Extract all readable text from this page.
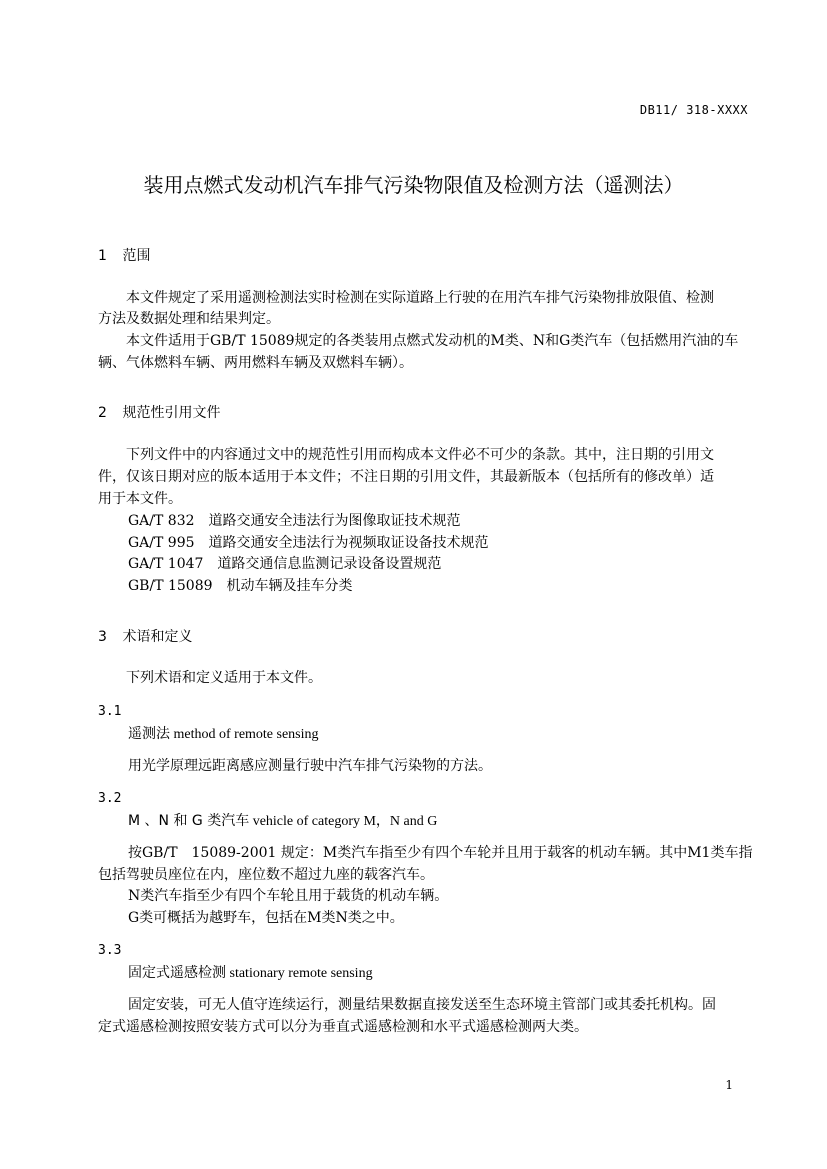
DB11/ 318-XXXX
装用点燃式发动机汽车排气污染物限值及检测方法（遥测法）
1 范围
本文件规定了采用遥测检测法实时检测在实际道路上行驶的在用汽车排气污染物排放限值、检测
方法及数据处理和结果判定。
本文件适用于GB/T 15089规定的各类装用点燃式发动机的M类、N和G类汽车（包括燃用汽油的车
辆、气体燃料车辆、两用燃料车辆及双燃料车辆）。
2 规范性引用文件
下列文件中的内容通过文中的规范性引用而构成本文件必不可少的条款。其中，注日期的引用文
件，仅该日期对应的版本适用于本文件；不注日期的引用文件，其最新版本（包括所有的修改单）适
用于本文件。
GA/T 832　道路交通安全违法行为图像取证技术规范
GA/T 995　道路交通安全违法行为视频取证设备技术规范
GA/T 1047　道路交通信息监测记录设备设置规范
GB/T 15089　机动车辆及挂车分类
3 术语和定义
下列术语和定义适用于本文件。
3.1
遥测法 method of remote sensing
用光学原理远距离感应测量行驶中汽车排气污染物的方法。
3.2
M 、N 和 G 类汽车 vehicle of category M，N and G
按GB/T　15089-2001 规定：M类汽车指至少有四个车轮并且用于载客的机动车辆。其中M1类车指
包括驾驶员座位在内，座位数不超过九座的载客汽车。
N类汽车指至少有四个车轮且用于载货的机动车辆。
G类可概括为越野车，包括在M类N类之中。
3.3
固定式遥感检测 stationary remote sensing
固定安装，可无人值守连续运行，测量结果数据直接发送至生态环境主管部门或其委托机构。固
定式遥感检测按照安装方式可以分为垂直式遥感检测和水平式遥感检测两大类。
1
